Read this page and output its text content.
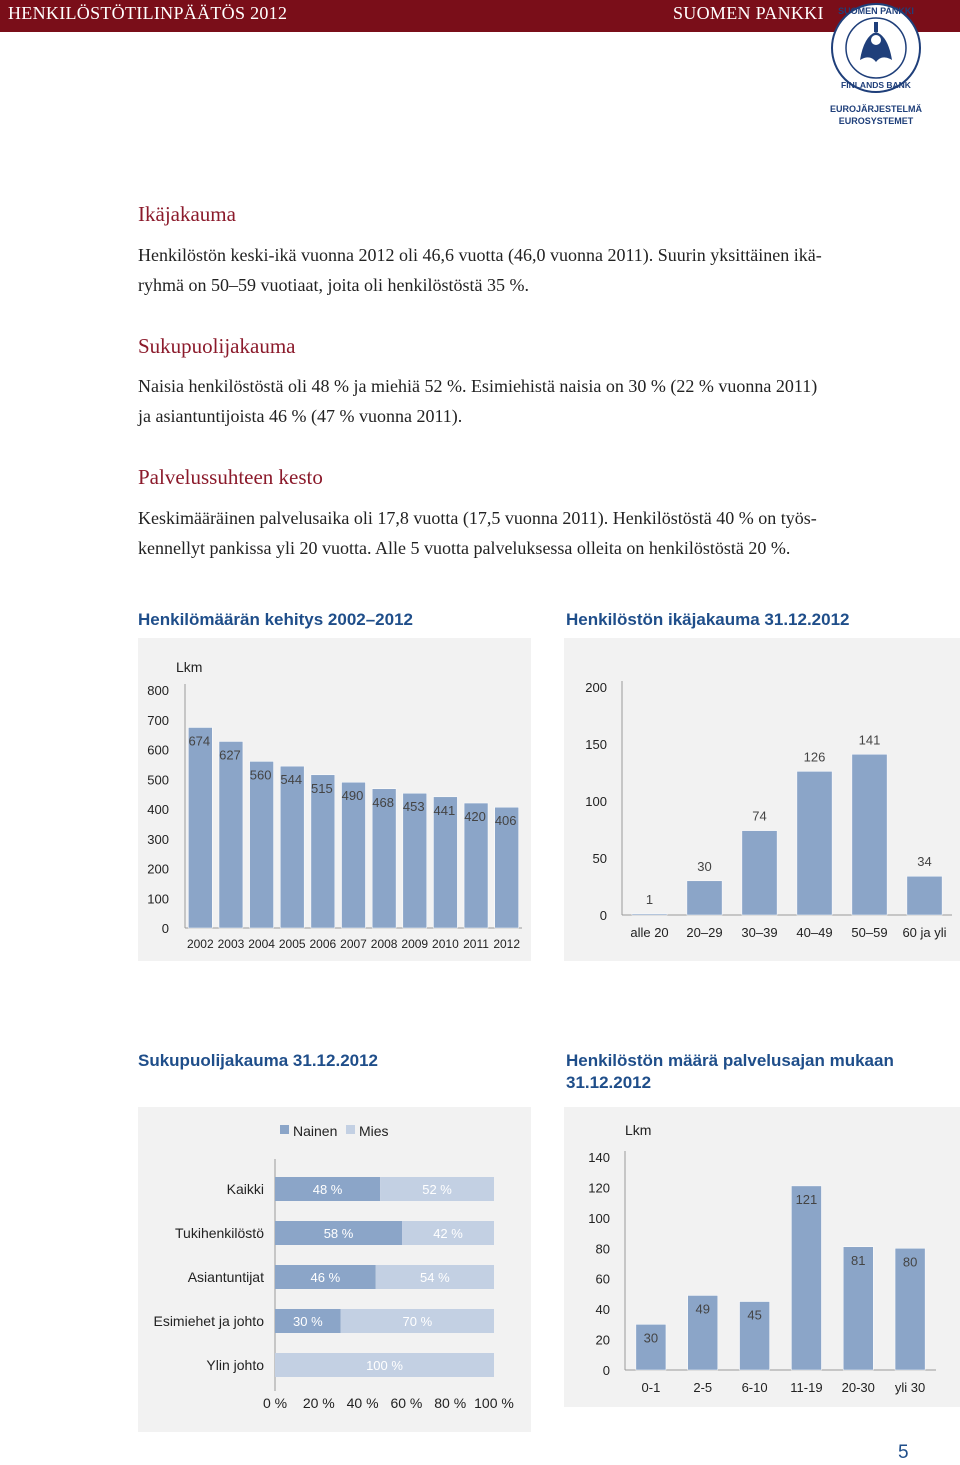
HENKILÖSTÖTILINPÄÄTÖS 2012	SUOMEN PANKKI SUOMEN PANKKI
FINLANDS BANK
EUROJÄRJESTELMÄ
EUROSYSTEMET
Ikäjakauma
Henkilöstön keski-ikä vuonna 2012 oli 46,6 vuotta (46,0 vuonna 2011). Suurin yksittäinen ikä-
ryhmä on 50–59 vuotiaat, joita oli henkilöstöstä 35 %.
Sukupuolijakauma
Naisia henkilöstöstä oli 48 % ja miehiä 52 %. Esimiehistä naisia on 30 % (22 % vuonna 2011)
ja asiantuntijoista 46 % (47 % vuonna 2011).
Palvelussuhteen kesto
Keskimääräinen palvelusaika oli 17,8 vuotta (17,5 vuonna 2011). Henkilöstöstä 40 % on työs-
kennellyt pankissa yli 20 vuotta. Alle 5 vuotta palveluksessa olleita on henkilöstöstä 20 %.
Henkilömäärän kehitys 2002–2012	Henkilöstön ikäjakauma 31.12.2012
Sukupuolijakauma 31.12.2012	Henkilöstön määrä palvelusajan mukaan
31.12.2012
0
100
200
300
400
500
600
700
800
Lkm
674
2002
627
2003
560
2004
544
2005
515
2006
490
2007
468
2008
453
2009
441
2010
420
2011
406
2012
0
50
100
150
200
1
alle 20
30
20–29
74
30–39
126
40–49
141
50–59
34
60 ja yli
Nainen Mies
Kaikki	48 %	52 %
Tukihenkilöstö	58 %	42 %
Asiantuntijat	46 %	54 %
Esimiehet ja johto 30 %	70 %
Ylin johto	100 %
0 % 20 % 40 % 60 % 80 % 100 %
0
20
40
60
80
100
120
140
Lkm
30
0-1
49
2-5
45
6-10
121
11-19
81
20-30
80
yli 30
5
